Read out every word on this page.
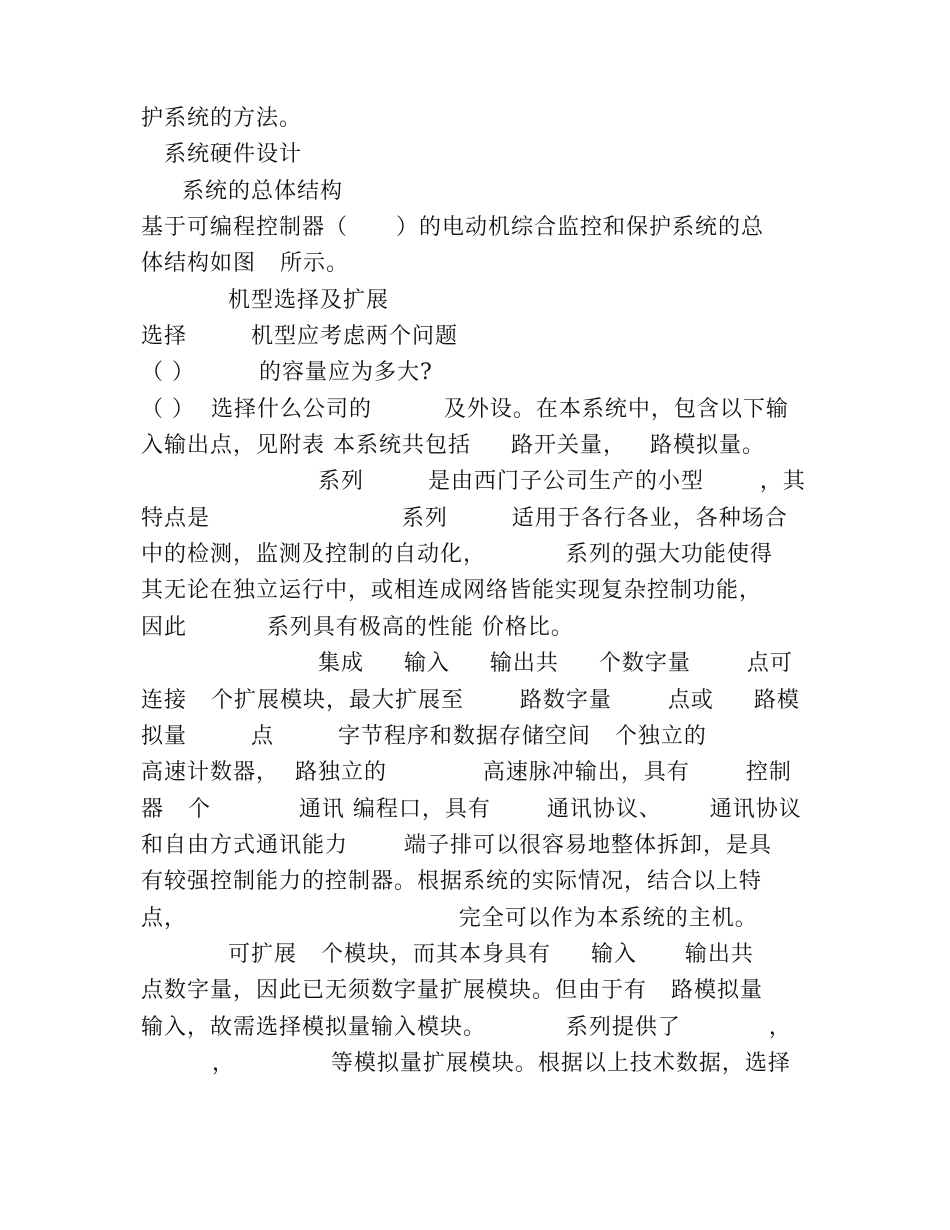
护系统的方法。
系统硬件设计
系统的总体结构
基于可编程控制器（      ）的电动机综合监控和保护系统的总
体结构如图   所示。
机型选择及扩展
选择        机型应考虑两个问题
（ ）        的容量应为多大?
（ ）  选择什么公司的         及外设。在本系统中，包含以下输
入输出点，见附表 本系统共包括     路开关量，   路模拟量。
系列        是由西门子公司生产的小型       ，其
特点是                        系列        适用于各行各业，各种场合
中的检测，监测及控制的自动化，          系列的强大功能使得
其无论在独立运行中，或相连成网络皆能实现复杂控制功能，
因此          系列具有极高的性能 价格比。
集成     输入     输出共     个数字量       点可
连接   个扩展模块，最大扩展至       路数字量       点或     路模
拟量        点        字节程序和数据存储空间   个独立的
高速计数器，  路独立的            高速脉冲输出，具有       控制
器   个           通讯 编程口，具有       通讯协议、      通讯协议
和自由方式通讯能力       端子排可以很容易地整体拆卸，是具
有较强控制能力的控制器。根据系统的实际情况，结合以上特
点，                                  完全可以作为本系统的主机。
可扩展   个模块，而其本身具有     输入      输出共
点数字量，因此已无须数字量扩展模块。但由于有   路模拟量
输入，故需选择模拟量输入模块。          系列提供了           ，
，            等模拟量扩展模块。根据以上技术数据，选择
